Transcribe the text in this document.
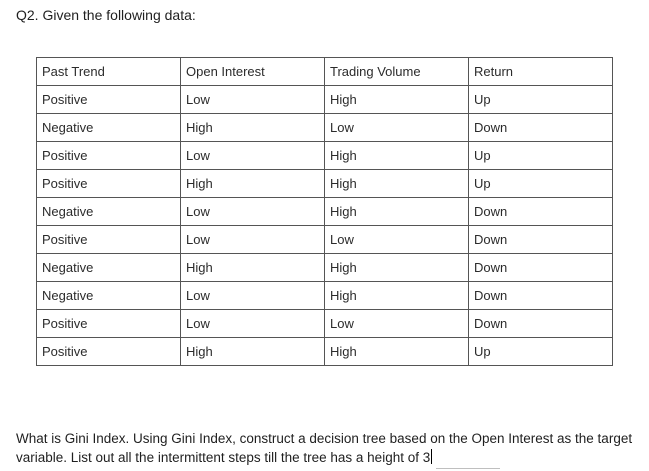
Q2. Given the following data:
Past Trend	Open Interest	Trading Volume	Return
Positive	Low	High	Up
Negative	High	Low	Down
Positive	Low	High	Up
Positive	High	High	Up
Negative	Low	High	Down
Positive	Low	Low	Down
Negative	High	High	Down
Negative	Low	High	Down
Positive	Low	Low	Down
Positive	High	High	Up
What is Gini Index. Using Gini Index, construct a decision tree based on the Open Interest as the target variable. List out all the intermittent steps till the tree has a height of 3
